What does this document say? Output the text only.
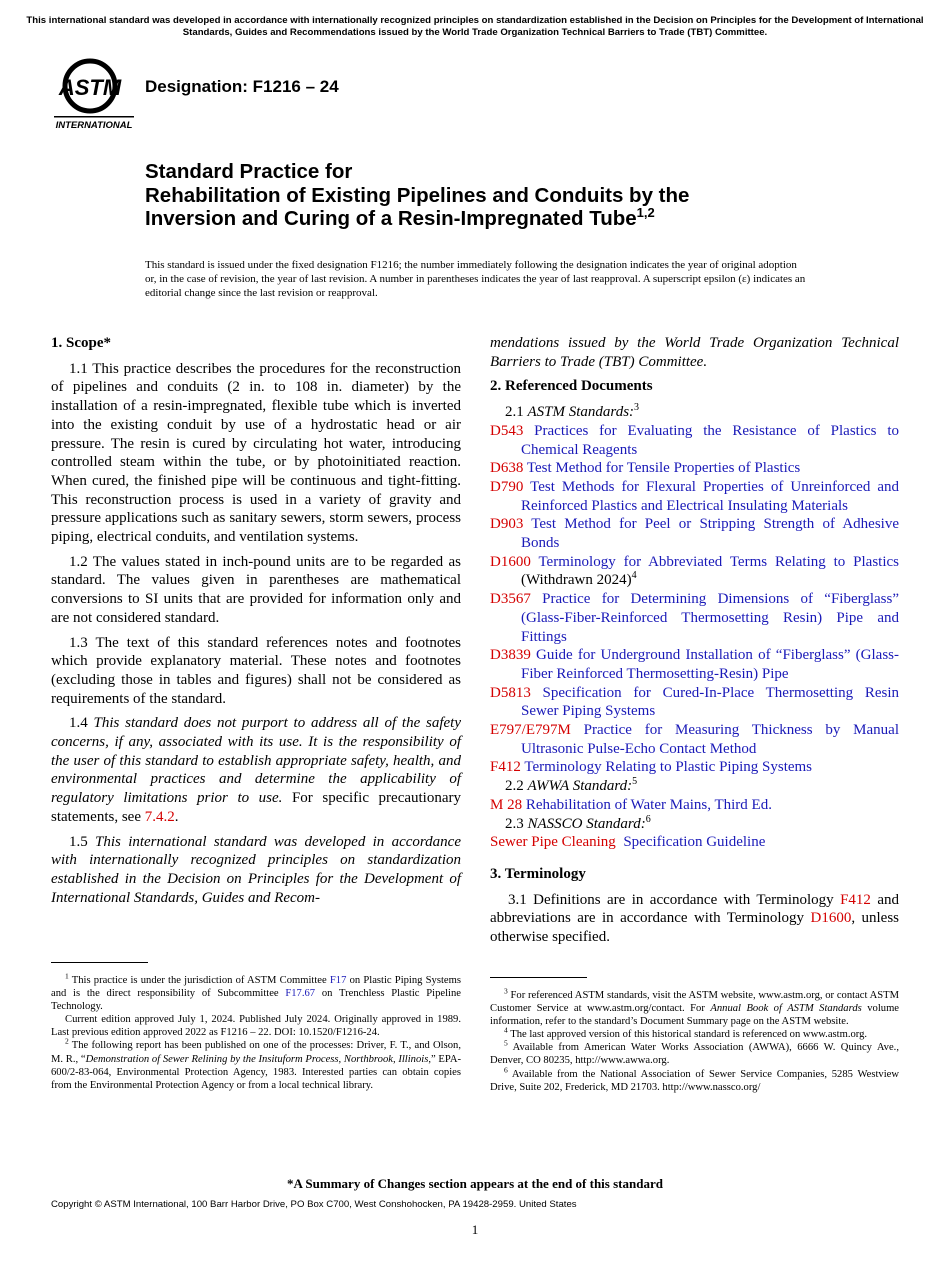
This international standard was developed in accordance with internationally recognized principles on standardization established in the Decision on Principles for the Development of International Standards, Guides and Recommendations issued by the World Trade Organization Technical Barriers to Trade (TBT) Committee.
ASTM
INTERNATIONAL
Designation: F1216 – 24
Standard Practice for
Rehabilitation of Existing Pipelines and Conduits by the
Inversion and Curing of a Resin-Impregnated Tube$^{1,2}$
This standard is issued under the fixed designation F1216; the number immediately following the designation indicates the year of original adoption or, in the case of revision, the year of last revision. A number in parentheses indicates the year of last reapproval. A superscript epsilon (ε) indicates an editorial change since the last revision or reapproval.
1. Scope*

1.1 This practice describes the procedures for the reconstruction of pipelines and conduits (2 in. to 108 in. diameter) by the installation of a resin-impregnated, flexible tube which is inverted into the existing conduit by use of a hydrostatic head or air pressure. The resin is cured by circulating hot water, introducing controlled steam within the tube, or by photoinitiated reaction. When cured, the finished pipe will be continuous and tight-fitting. This reconstruction process is used in a variety of gravity and pressure applications such as sanitary sewers, storm sewers, process piping, electrical conduits, and ventilation systems.

1.2 The values stated in inch-pound units are to be regarded as standard. The values given in parentheses are mathematical conversions to SI units that are provided for information only and are not considered standard.

1.3 The text of this standard references notes and footnotes which provide explanatory material. These notes and footnotes (excluding those in tables and figures) shall not be considered as requirements of the standard.

1.4 This standard does not purport to address all of the safety concerns, if any, associated with its use. It is the responsibility of the user of this standard to establish appropriate safety, health, and environmental practices and determine the applicability of regulatory limitations prior to use. For specific precautionary statements, see 7.4.2.

1.5 This international standard was developed in accordance with internationally recognized principles on standardization established in the Decision on Principles for the Development of International Standards, Guides and Recom-

mendations issued by the World Trade Organization Technical Barriers to Trade (TBT) Committee.

2. Referenced Documents
2.1 ASTM Standards:$^3$
D543 Practices for Evaluating the Resistance of Plastics to Chemical Reagents
D638 Test Method for Tensile Properties of Plastics
D790 Test Methods for Flexural Properties of Unreinforced and Reinforced Plastics and Electrical Insulating Materials
D903 Test Method for Peel or Stripping Strength of Adhesive Bonds
D1600 Terminology for Abbreviated Terms Relating to Plastics (Withdrawn 2024)$^4$
D3567 Practice for Determining Dimensions of “Fiberglass” (Glass-Fiber-Reinforced Thermosetting Resin) Pipe and Fittings
D3839 Guide for Underground Installation of “Fiberglass” (Glass-Fiber Reinforced Thermosetting-Resin) Pipe
D5813 Specification for Cured-In-Place Thermosetting Resin Sewer Piping Systems
E797/E797M Practice for Measuring Thickness by Manual Ultrasonic Pulse-Echo Contact Method
F412 Terminology Relating to Plastic Piping Systems
2.2 AWWA Standard:$^5$
M 28 Rehabilitation of Water Mains, Third Ed.
2.3 NASSCO Standard:$^6$
Sewer Pipe Cleaning Specification Guideline
3. Terminology

3.1 Definitions are in accordance with Terminology F412 and abbreviations are in accordance with Terminology D1600, unless otherwise specified.

$^1$ This practice is under the jurisdiction of ASTM Committee F17 on Plastic Piping Systems and is the direct responsibility of Subcommittee F17.67 on Trenchless Plastic Pipeline Technology.

Current edition approved July 1, 2024. Published July 2024. Originally approved in 1989. Last previous edition approved 2022 as F1216 – 22. DOI: 10.1520/F1216-24.

$^2$ The following report has been published on one of the processes: Driver, F. T., and Olson, M. R., “Demonstration of Sewer Relining by the Insituform Process, Northbrook, Illinois,” EPA-600/2-83-064, Environmental Protection Agency, 1983. Interested parties can obtain copies from the Environmental Protection Agency or from a local technical library.

$^3$ For referenced ASTM standards, visit the ASTM website, www.astm.org, or contact ASTM Customer Service at www.astm.org/contact. For Annual Book of ASTM Standards volume information, refer to the standard’s Document Summary page on the ASTM website.

$^4$ The last approved version of this historical standard is referenced on www.astm.org.

$^5$ Available from American Water Works Association (AWWA), 6666 W. Quincy Ave., Denver, CO 80235, http://www.awwa.org.

$^6$ Available from the National Association of Sewer Service Companies, 5285 Westview Drive, Suite 202, Frederick, MD 21703. http://www.nassco.org/

*A Summary of Changes section appears at the end of this standard
Copyright © ASTM International, 100 Barr Harbor Drive, PO Box C700, West Conshohocken, PA 19428-2959. United States
1
